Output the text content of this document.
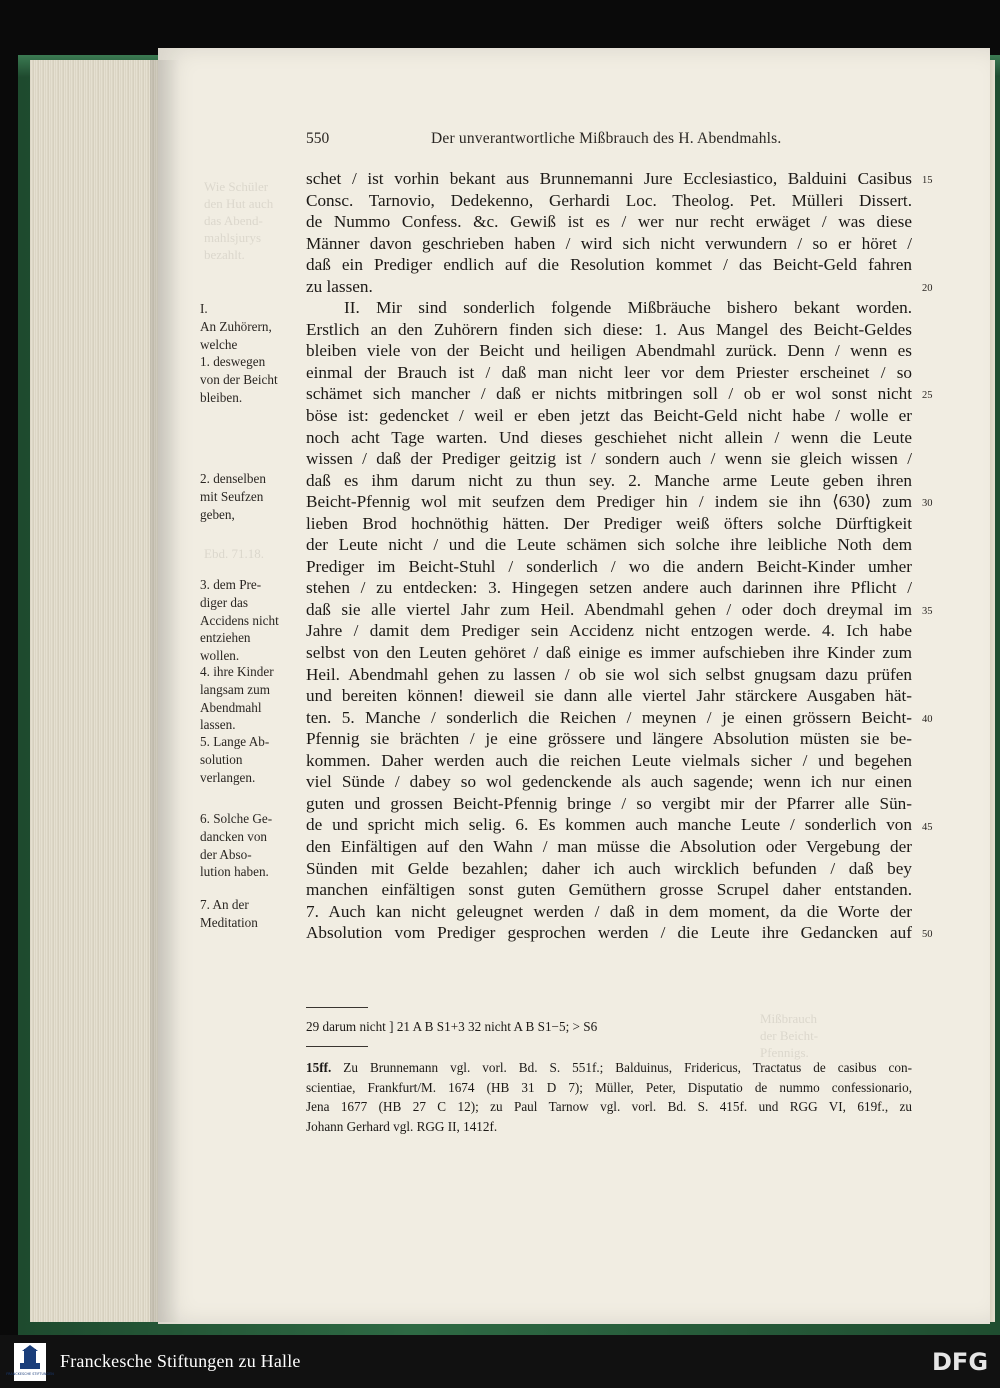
Wie Schüler
den Hut auch
das Abend-
mahlsjurys
bezahlt.
Ebd. 71.18.
Mißbrauch
der Beicht-
Pfennigs.
550	Der unverantwortliche Mißbrauch des H. Abendmahls.
schet / ist vorhin bekant aus Brunnemanni Jure Ecclesiastico, Balduini Casibus
Consc. Tarnovio, Dedekenno, Gerhardi Loc. Theolog. Pet. Mülleri Dissert.
de Nummo Confess. &c. Gewiß ist es / wer nur recht erwäget / was diese
Männer davon geschrieben haben / wird sich nicht verwundern / so er höret /
daß ein Prediger endlich auf die Resolution kommet / das Beicht-Geld fahren
zu lassen.
II. Mir sind sonderlich folgende Mißbräuche bishero bekant worden.
Erstlich an den Zuhörern finden sich diese: 1. Aus Mangel des Beicht-Geldes
bleiben viele von der Beicht und heiligen Abendmahl zurück. Denn / wenn es
einmal der Brauch ist / daß man nicht leer vor dem Priester erscheinet / so
schämet sich mancher / daß er nichts mitbringen soll / ob er wol sonst nicht
böse ist: gedencket / weil er eben jetzt das Beicht-Geld nicht habe / wolle er
noch acht Tage warten. Und dieses geschiehet nicht allein / wenn die Leute
wissen / daß der Prediger geitzig ist / sondern auch / wenn sie gleich wissen /
daß es ihm darum nicht zu thun sey. 2. Manche arme Leute geben ihren
Beicht-Pfennig wol mit seufzen dem Prediger hin / indem sie ihn ⟨630⟩ zum
lieben Brod hochnöthig hätten. Der Prediger weiß öfters solche Dürftigkeit
der Leute nicht / und die Leute schämen sich solche ihre leibliche Noth dem
Prediger im Beicht-Stuhl / sonderlich / wo die andern Beicht-Kinder umher
stehen / zu entdecken: 3. Hingegen setzen andere auch darinnen ihre Pflicht /
daß sie alle viertel Jahr zum Heil. Abendmahl gehen / oder doch dreymal im
Jahre / damit dem Prediger sein Accidenz nicht entzogen werde. 4. Ich habe
selbst von den Leuten gehöret / daß einige es immer aufschieben ihre Kinder zum
Heil. Abendmahl gehen zu lassen / ob sie wol sich selbst gnugsam dazu prüfen
und bereiten können! dieweil sie dann alle viertel Jahr stärckere Ausgaben hät-
ten. 5. Manche / sonderlich die Reichen / meynen / je einen grössern Beicht-
Pfennig sie brächten / je eine grössere und längere Absolution müsten sie be-
kommen. Daher werden auch die reichen Leute vielmals sicher / und begehen
viel Sünde / dabey so wol gedenckende als auch sagende; wenn ich nur einen
guten und grossen Beicht-Pfennig bringe / so vergibt mir der Pfarrer alle Sün-
de und spricht mich selig. 6. Es kommen auch manche Leute / sonderlich von
den Einfältigen auf den Wahn / man müsse die Absolution oder Vergebung der
Sünden mit Gelde bezahlen; daher ich auch wircklich befunden / daß bey
manchen einfältigen sonst guten Gemüthern grosse Scrupel daher entstanden.
7. Auch kan nicht geleugnet werden / daß in dem moment, da die Worte der
Absolution vom Prediger gesprochen werden / die Leute ihre Gedancken auf
15
20
25
30
35
40
45
50
I.
An Zuhörern,
welche
1. deswegen
von der Beicht
bleiben.
2. denselben
mit Seufzen
geben,
3. dem Pre-
diger das
Accidens nicht
entziehen
wollen.
4. ihre Kinder
langsam zum
Abendmahl
lassen.
5. Lange Ab-
solution
verlangen.
6. Solche Ge-
dancken von
der Abso-
lution haben.
7. An der
Meditation
29 darum nicht ] 21 A B S1+3 32 nicht A B S1−5; > S6
15ff. Zu Brunnemann vgl. vorl. Bd. S. 551f.; Balduinus, Fridericus, Tractatus de casibus con-
scientiae, Frankfurt/M. 1674 (HB 31 D 7); Müller, Peter, Disputatio de nummo confessionario,
Jena 1677 (HB 27 C 12); zu Paul Tarnow vgl. vorl. Bd. S. 415f. und RGG VI, 619f., zu
Johann Gerhard vgl. RGG II, 1412f.
FRANCKESCHE STIFTUNGEN
Franckesche Stiftungen zu Halle	DFG
